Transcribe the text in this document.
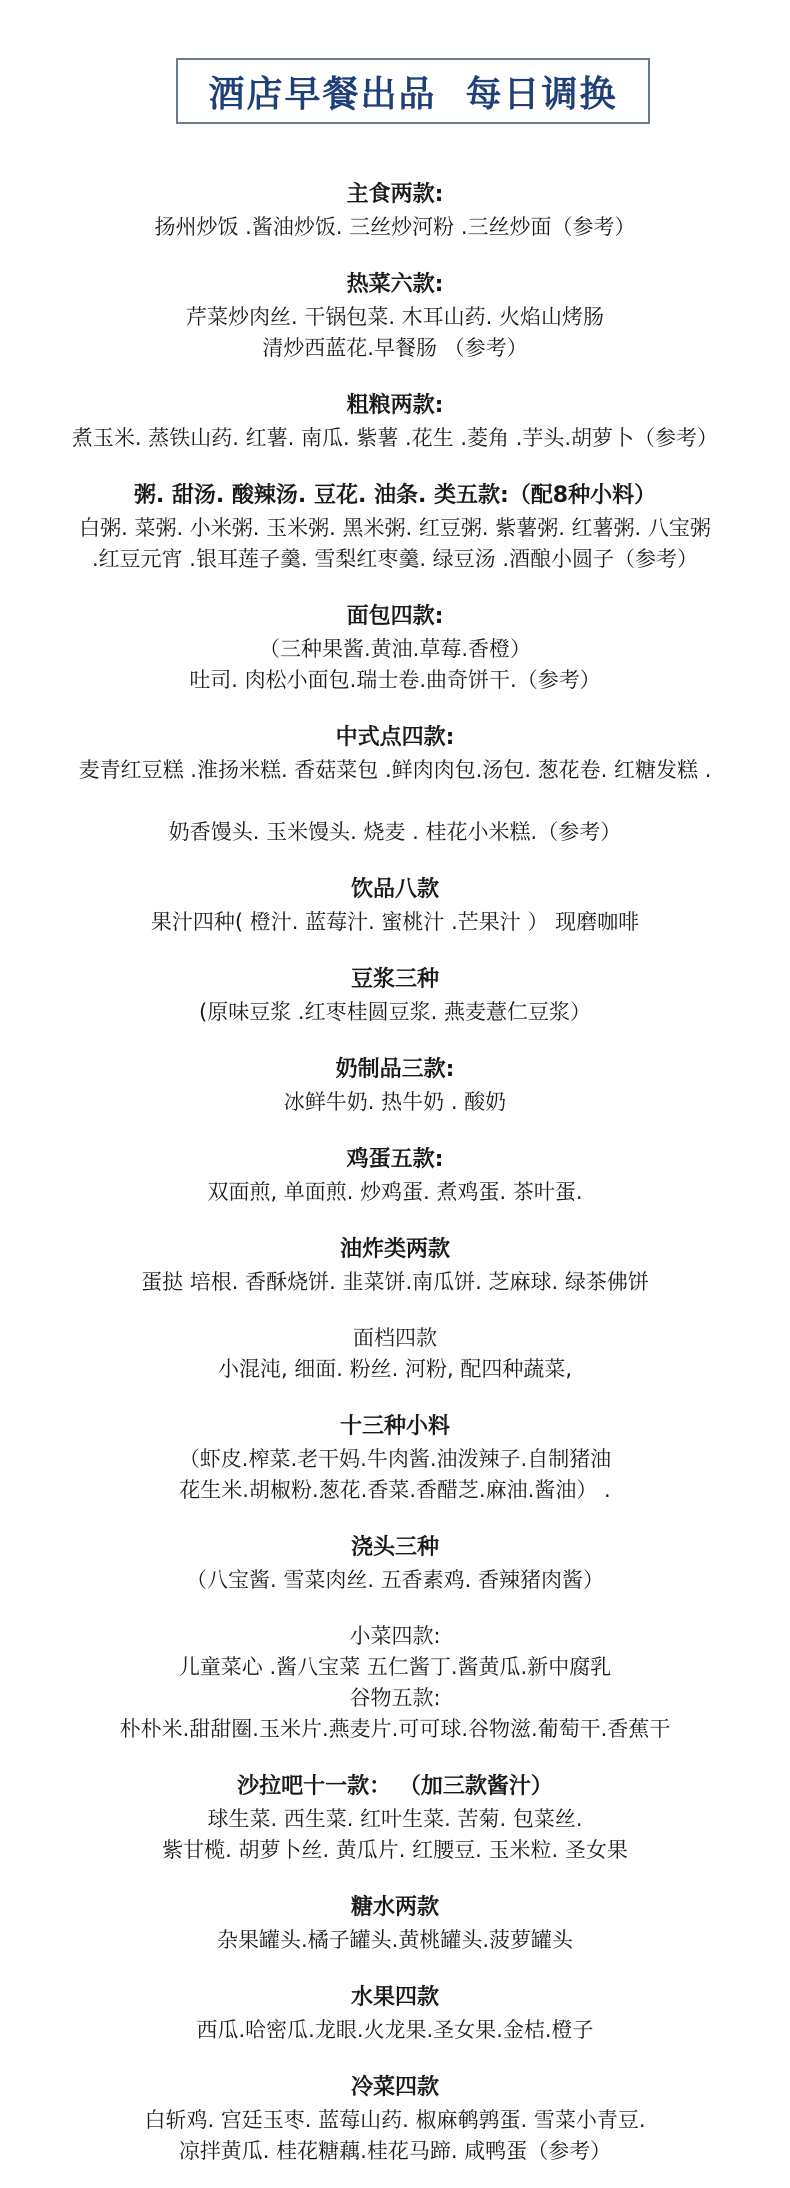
酒店早餐出品  每日调换
主食两款:
扬州炒饭 .酱油炒饭. 三丝炒河粉 .三丝炒面（参考）
热菜六款:
芹菜炒肉丝. 干锅包菜. 木耳山药. 火焰山烤肠
清炒西蓝花.早餐肠 （参考）
粗粮两款:
煮玉米. 蒸铁山药. 红薯. 南瓜. 紫薯 .花生 .菱角 .芋头.胡萝卜（参考）
粥. 甜汤. 酸辣汤. 豆花. 油条. 类五款:（配8种小料）
白粥. 菜粥. 小米粥. 玉米粥. 黑米粥. 红豆粥. 紫薯粥. 红薯粥. 八宝粥
.红豆元宵 .银耳莲子羹. 雪梨红枣羹. 绿豆汤 .酒酿小圆子（参考）
面包四款:
（三种果酱.黄油.草莓.香橙）
吐司. 肉松小面包.瑞士卷.曲奇饼干.（参考）
中式点四款:
麦青红豆糕 .淮扬米糕. 香菇菜包 .鲜肉肉包.汤包. 葱花卷. 红糖发糕 .

奶香馒头. 玉米馒头. 烧麦 . 桂花小米糕.（参考）
饮品八款
果汁四种( 橙汁. 蓝莓汁. 蜜桃汁 .芒果汁 ） 现磨咖啡
豆浆三种
(原味豆浆 .红枣桂圆豆浆. 燕麦薏仁豆浆）
奶制品三款:
冰鲜牛奶. 热牛奶 . 酸奶
鸡蛋五款:
双面煎, 单面煎. 炒鸡蛋. 煮鸡蛋. 茶叶蛋.
油炸类两款
蛋挞 培根. 香酥烧饼. 韭菜饼.南瓜饼. 芝麻球. 绿茶佛饼
面档四款
小混沌, 细面. 粉丝. 河粉, 配四种蔬菜,
十三种小料
（虾皮.榨菜.老干妈.牛肉酱.油泼辣子.自制猪油
花生米.胡椒粉.葱花.香菜.香醋芝.麻油.酱油） .
浇头三种
（八宝酱. 雪菜肉丝. 五香素鸡. 香辣猪肉酱）
小菜四款:
儿童菜心 .酱八宝菜 五仁酱丁.酱黄瓜.新中腐乳
谷物五款:
朴朴米.甜甜圈.玉米片.燕麦片.可可球.谷物滋.葡萄干.香蕉干
沙拉吧十一款： （加三款酱汁）
球生菜. 西生菜. 红叶生菜. 苦菊. 包菜丝.
紫甘榄. 胡萝卜丝. 黄瓜片. 红腰豆. 玉米粒. 圣女果
糖水两款
杂果罐头.橘子罐头.黄桃罐头.菠萝罐头
水果四款
西瓜.哈密瓜.龙眼.火龙果.圣女果.金桔.橙子
冷菜四款
白斩鸡. 宫廷玉枣. 蓝莓山药. 椒麻鹌鹑蛋. 雪菜小青豆.
凉拌黄瓜. 桂花糖藕.桂花马蹄. 咸鸭蛋（参考）
